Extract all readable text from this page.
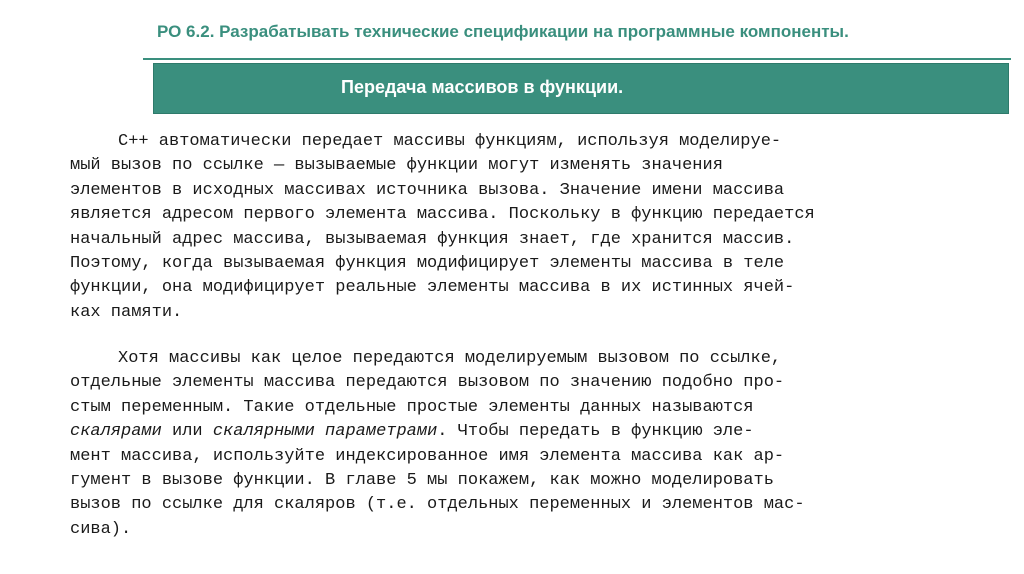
РО 6.2. Разрабатывать технические спецификации на программные компоненты.
Передача массивов в функции.
С++ автоматически передает массивы функциям, используя моделируе-
мый вызов по ссылке — вызываемые функции могут изменять значения
элементов в исходных массивах источника вызова. Значение имени массива
является адресом первого элемента массива. Поскольку в функцию передается
начальный адрес массива, вызываемая функция знает, где хранится массив.
Поэтому, когда вызываемая функция модифицирует элементы массива в теле
функции, она модифицирует реальные элементы массива в их истинных ячей-
ках памяти.
Хотя массивы как целое передаются моделируемым вызовом по ссылке,
отдельные элементы массива передаются вызовом по значению подобно про-
стым переменным. Такие отдельные простые элементы данных называются
скалярами или скалярными параметрами. Чтобы передать в функцию эле-
мент массива, используйте индексированное имя элемента массива как ар-
гумент в вызове функции. В главе 5 мы покажем, как можно моделировать
вызов по ссылке для скаляров (т.е. отдельных переменных и элементов мас-
сива).
